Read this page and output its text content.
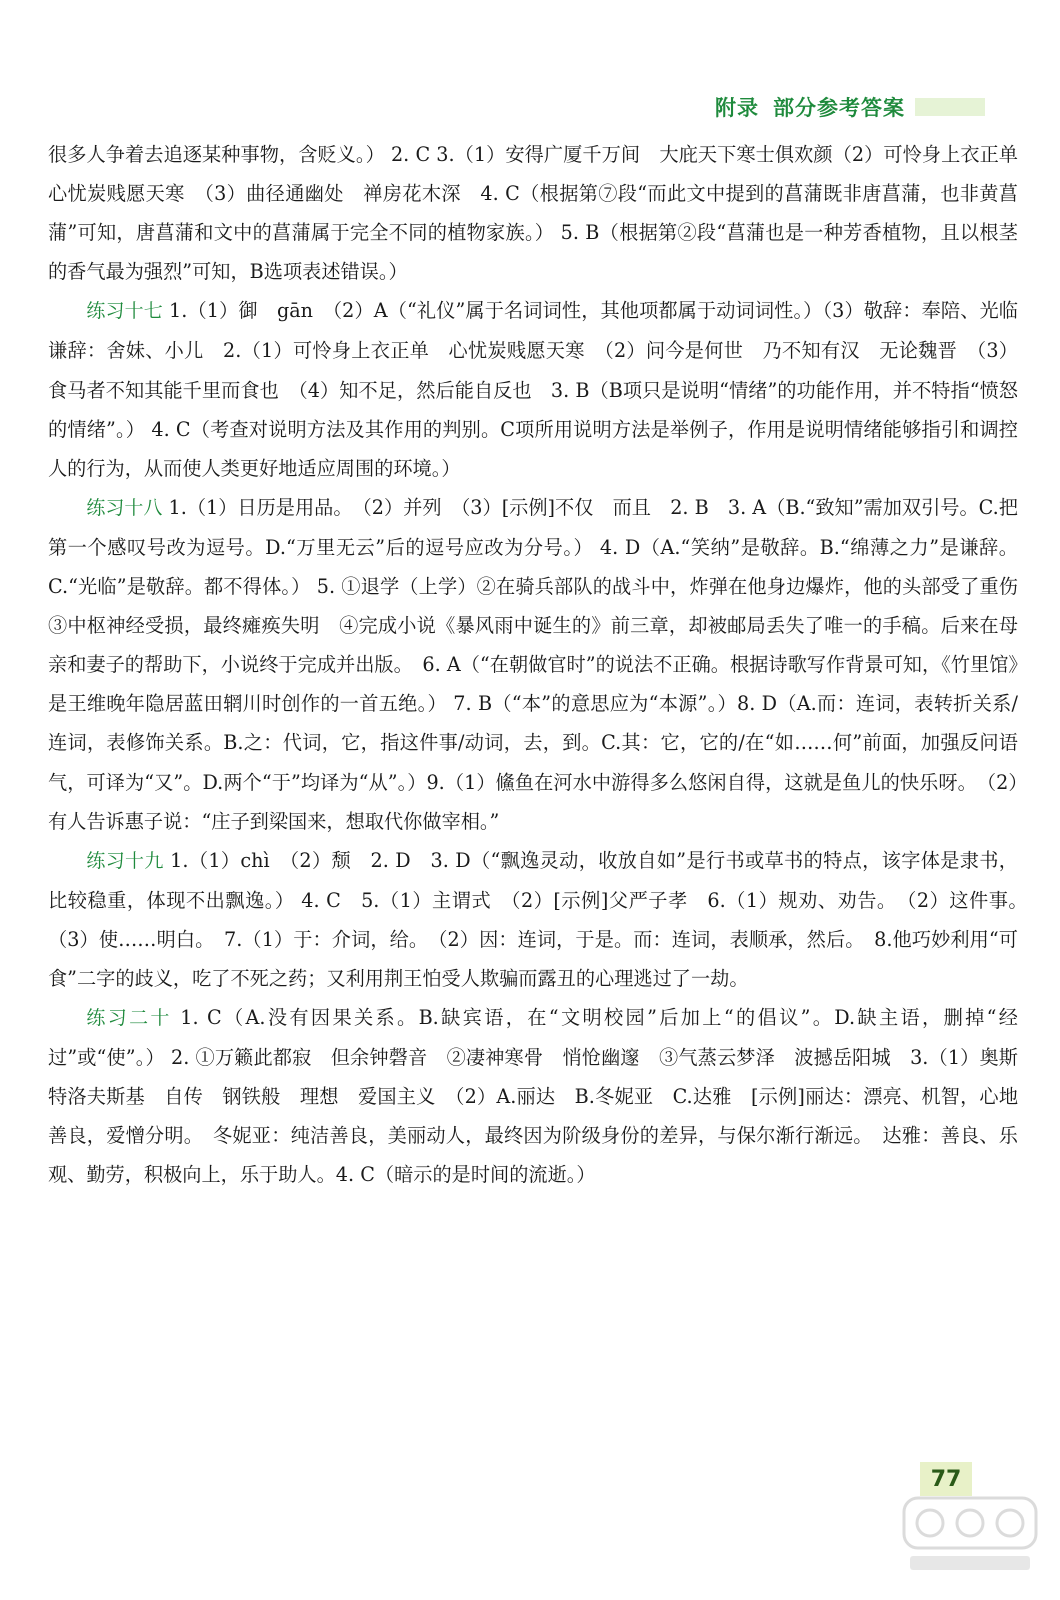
附录 部分参考答案

很多人争着去追逐某种事物，含贬义。） 2. C 3.（1）安得广厦千万间　大庇天下寒士俱欢颜（2）可怜身上衣正单　心忧炭贱愿天寒　（3）曲径通幽处　禅房花木深　4. C（根据第⑦段“而此文中提到的菖蒲既非唐菖蒲，也非黄菖蒲”可知，唐菖蒲和文中的菖蒲属于完全不同的植物家族。） 5. B（根据第②段“菖蒲也是一种芳香植物，且以根茎的香气最为强烈”可知，B选项表述错误。）

练习十七 1.（1）御　gān　（2）A（“礼仪”属于名词词性，其他项都属于动词词性。）（3）敬辞：奉陪、光临　谦辞：舍妹、小儿　2.（1）可怜身上衣正单　心忧炭贱愿天寒　（2）问今是何世　乃不知有汉　无论魏晋　（3）食马者不知其能千里而食也　（4）知不足，然后能自反也　3. B（B项只是说明“情绪”的功能作用，并不特指“愤怒的情绪”。） 4. C（考查对说明方法及其作用的判别。C项所用说明方法是举例子，作用是说明情绪能够指引和调控人的行为，从而使人类更好地适应周围的环境。）

练习十八 1.（1）日历是用品。　（2）并列　（3）[示例]不仅　而且　2. B　3. A（B.“致知”需加双引号。C.把第一个感叹号改为逗号。D.“万里无云”后的逗号应改为分号。） 4. D（A.“笑纳”是敬辞。B.“绵薄之力”是谦辞。C.“光临”是敬辞。都不得体。） 5. ①退学（上学）②在骑兵部队的战斗中，炸弹在他身边爆炸，他的头部受了重伤　③中枢神经受损，最终瘫痪失明　④完成小说《暴风雨中诞生的》前三章，却被邮局丢失了唯一的手稿。后来在母亲和妻子的帮助下，小说终于完成并出版。　6. A（“在朝做官时”的说法不正确。根据诗歌写作背景可知，《竹里馆》是王维晚年隐居蓝田辋川时创作的一首五绝。） 7. B（“本”的意思应为“本源”。）8. D（A.而：连词，表转折关系/连词，表修饰关系。B.之：代词，它，指这件事/动词，去，到。C.其：它，它的/在“如……何”前面，加强反问语气，可译为“又”。D.两个“于”均译为“从”。）9.（1）鯈鱼在河水中游得多么悠闲自得，这就是鱼儿的快乐呀。　（2）有人告诉惠子说：“庄子到梁国来，想取代你做宰相。”

练习十九 1.（1）chì　（2）颓　2. D　3. D（“飘逸灵动，收放自如”是行书或草书的特点，该字体是隶书，比较稳重，体现不出飘逸。） 4. C　5.（1）主谓式　（2）[示例]父严子孝　6.（1）规劝、劝告。　（2）这件事。　（3）使……明白。　7.（1）于：介词，给。　（2）因：连词，于是。而：连词，表顺承，然后。　8.他巧妙利用“可食”二字的歧义，吃了不死之药；又利用荆王怕受人欺骗而露丑的心理逃过了一劫。

练习二十 1. C（A.没有因果关系。B.缺宾语，在“文明校园”后加上“的倡议”。D.缺主语，删掉“经过”或“使”。） 2. ①万籁此都寂　但余钟磬音　②凄神寒骨　悄怆幽邃　③气蒸云梦泽　波撼岳阳城　3.（1）奥斯特洛夫斯基　自传　钢铁般　理想　爱国主义　（2）A.丽达　B.冬妮亚　C.达雅　[示例]丽达：漂亮、机智，心地善良，爱憎分明。　冬妮亚：纯洁善良，美丽动人，最终因为阶级身份的差异，与保尔渐行渐远。　达雅：善良、乐观、勤劳，积极向上，乐于助人。4. C（暗示的是时间的流逝。）

77
